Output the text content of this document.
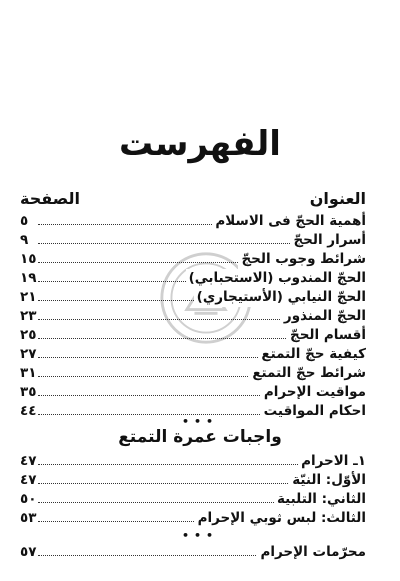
الفهرست
العنوان
الصفحة
أهمية الحجّ فى الاسلام
٥
أسرار الحجّ
٩
شرائط وجوب الحجّ
١٥
الحجّ المندوب (الاستحبابي)
١٩
الحجّ النيابي (الأستيجاري)
٢١
الحجّ المنذور
٢٣
أقسام الحجّ
٢٥
كيفية حجّ التمتع
٢٧
شرائط حجّ التمتع
٣١
مواقيت الإحرام
٣٥
احكام المواقيت
٤٤
•••
واجبات عمرة التمتع
١ـ الاحرام
٤٧
الأوّل: النيّة
٤٧
الثاني: التلبية
٥٠
الثالث: لبس ثوبي الإحرام
٥٣
•••
محرّمات الإحرام
٥٧
